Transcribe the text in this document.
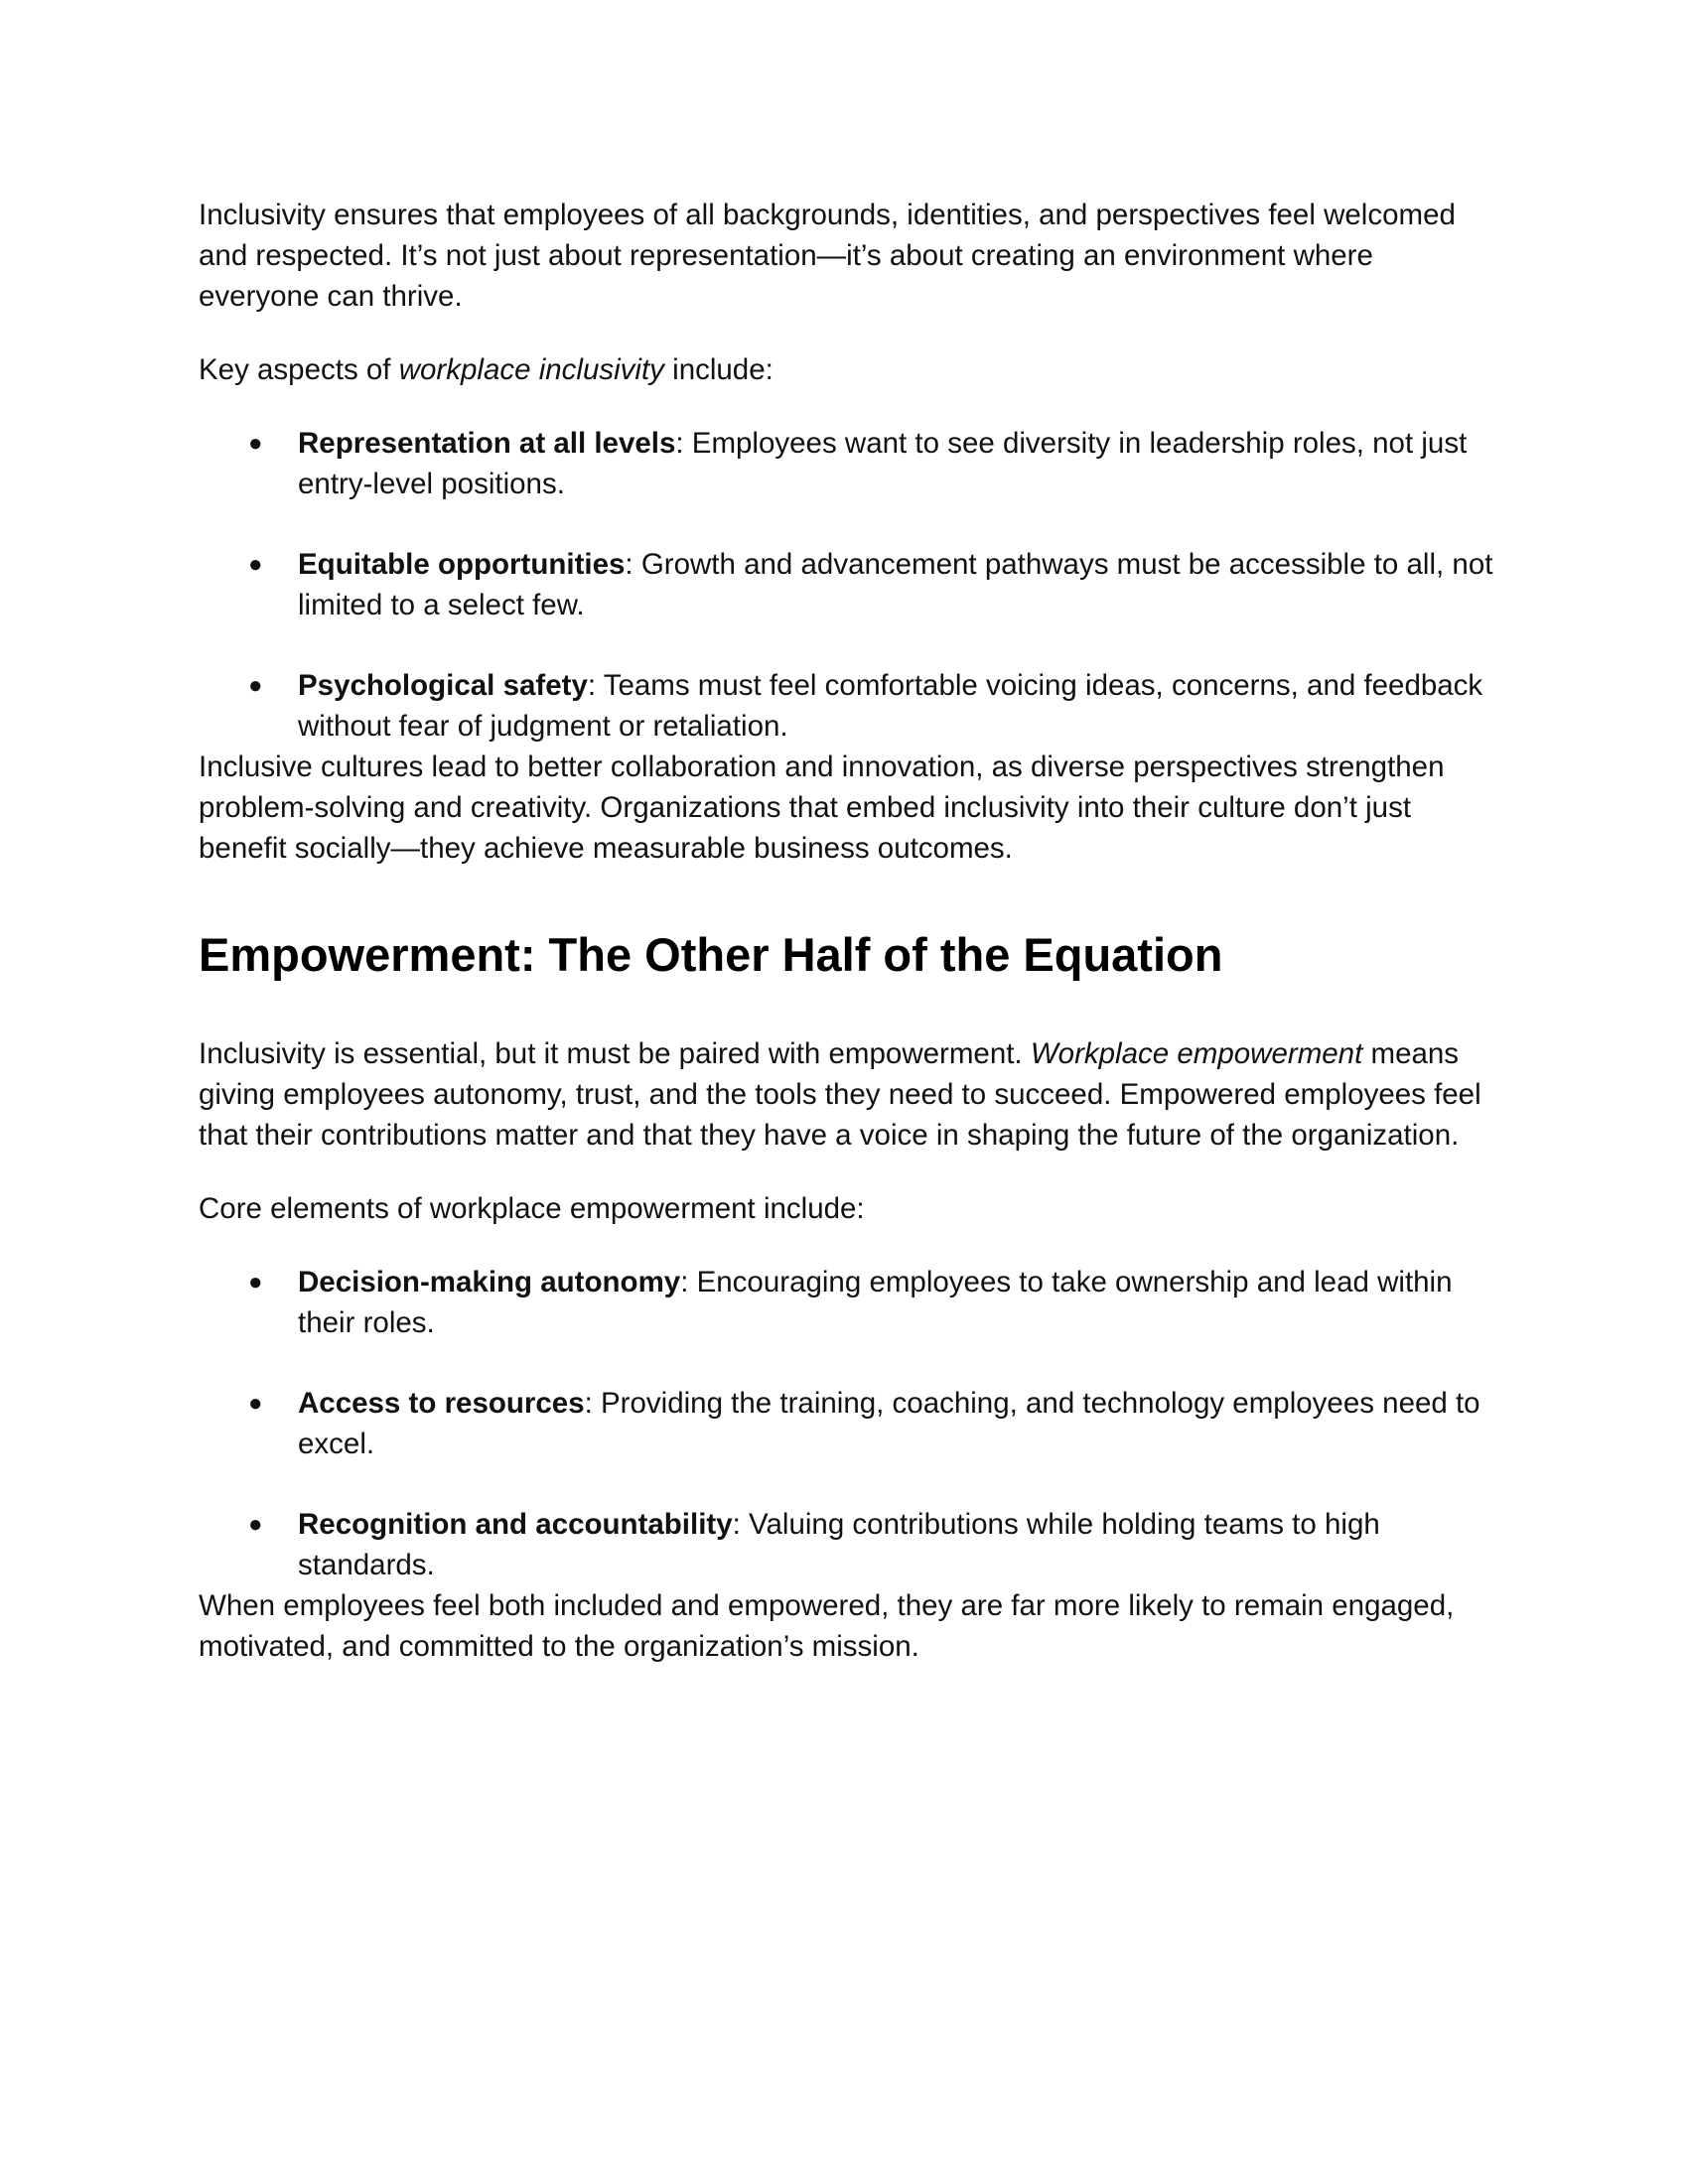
Inclusivity ensures that employees of all backgrounds, identities, and perspectives feel welcomed and respected. It’s not just about representation—it’s about creating an environment where everyone can thrive.

Key aspects of workplace inclusivity include:

● Representation at all levels: Employees want to see diversity in leadership roles, not just entry-level positions.
● Equitable opportunities: Growth and advancement pathways must be accessible to all, not limited to a select few.
● Psychological safety: Teams must feel comfortable voicing ideas, concerns, and feedback without fear of judgment or retaliation.

Inclusive cultures lead to better collaboration and innovation, as diverse perspectives strengthen problem-solving and creativity. Organizations that embed inclusivity into their culture don’t just benefit socially—they achieve measurable business outcomes.

Empowerment: The Other Half of the Equation

Inclusivity is essential, but it must be paired with empowerment. Workplace empowerment means giving employees autonomy, trust, and the tools they need to succeed. Empowered employees feel that their contributions matter and that they have a voice in shaping the future of the organization.

Core elements of workplace empowerment include:

● Decision-making autonomy: Encouraging employees to take ownership and lead within their roles.
● Access to resources: Providing the training, coaching, and technology employees need to excel.
● Recognition and accountability: Valuing contributions while holding teams to high standards.

When employees feel both included and empowered, they are far more likely to remain engaged, motivated, and committed to the organization’s mission.
